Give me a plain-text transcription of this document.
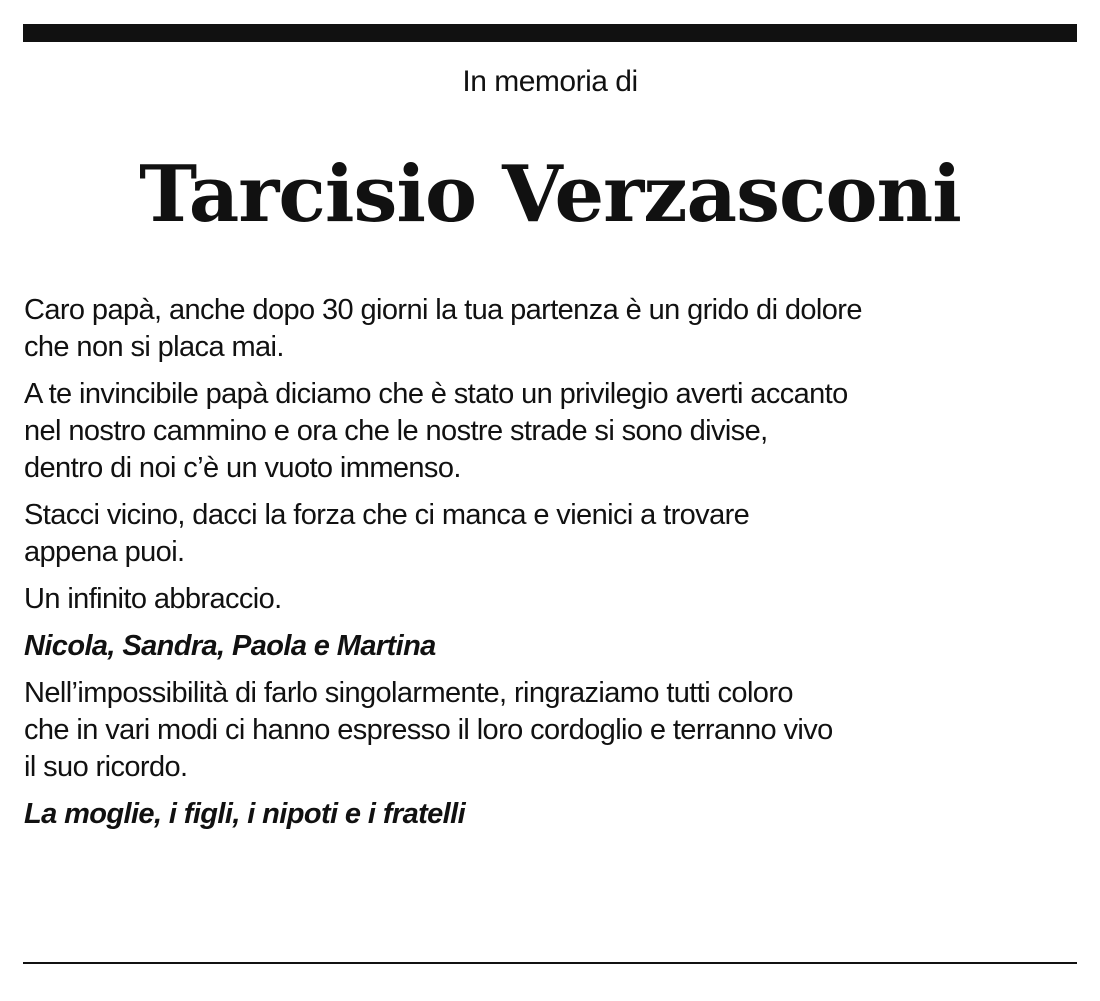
In memoria di
Tarcisio Verzasconi

Caro papà, anche dopo 30 giorni la tua partenza è un grido di dolore
che non si placa mai.

A te invincibile papà diciamo che è stato un privilegio averti accanto
nel nostro cammino e ora che le nostre strade si sono divise,
dentro di noi c’è un vuoto immenso.

Stacci vicino, dacci la forza che ci manca e vienici a trovare
appena puoi.

Un infinito abbraccio.

Nicola, Sandra, Paola e Martina

Nell’impossibilità di farlo singolarmente, ringraziamo tutti coloro
che in vari modi ci hanno espresso il loro cordoglio e terranno vivo
il suo ricordo.

La moglie, i figli, i nipoti e i fratelli
